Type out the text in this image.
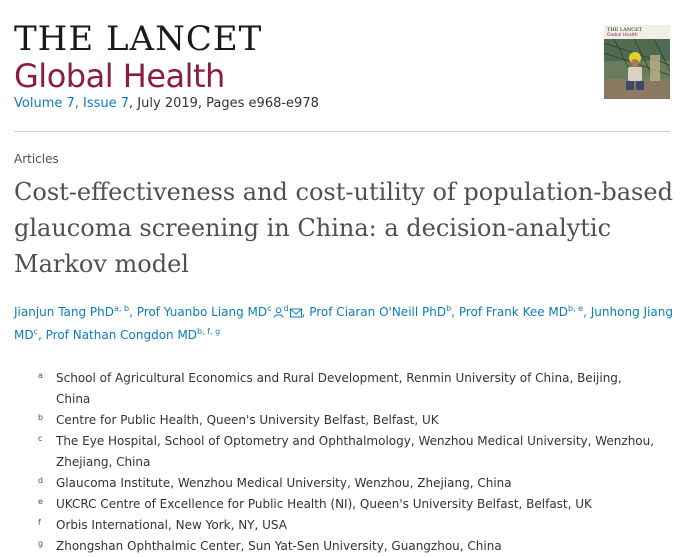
THE LANCET
Global Health
Volume 7, Issue 7, July 2019, Pages e968-e978
THE LANCET
Global Health
Articles
Cost-effectiveness and cost-utility of population-based glaucoma screening in China: a decision-analytic Markov model
Jianjun Tang PhD$^{a, b}$, Prof Yuanbo Liang $MD^c$ $^d$ , Prof Ciaran O'Neill PhD$^b$, Prof Frank Kee MD$^{b, e}$, Junhong Jiang $MD^c$, Prof Nathan Congdon MD$^{b, f, g}$
a School of Agricultural Economics and Rural Development, Renmin University of China, Beijing, China
b Centre for Public Health, Queen's University Belfast, Belfast, UK
c The Eye Hospital, School of Optometry and Ophthalmology, Wenzhou Medical University, Wenzhou, Zhejiang, China
d Glaucoma Institute, Wenzhou Medical University, Wenzhou, Zhejiang, China
e UKCRC Centre of Excellence for Public Health (NI), Queen's University Belfast, Belfast, UK
f Orbis International, New York, NY, USA
g Zhongshan Ophthalmic Center, Sun Yat-Sen University, Guangzhou, China
